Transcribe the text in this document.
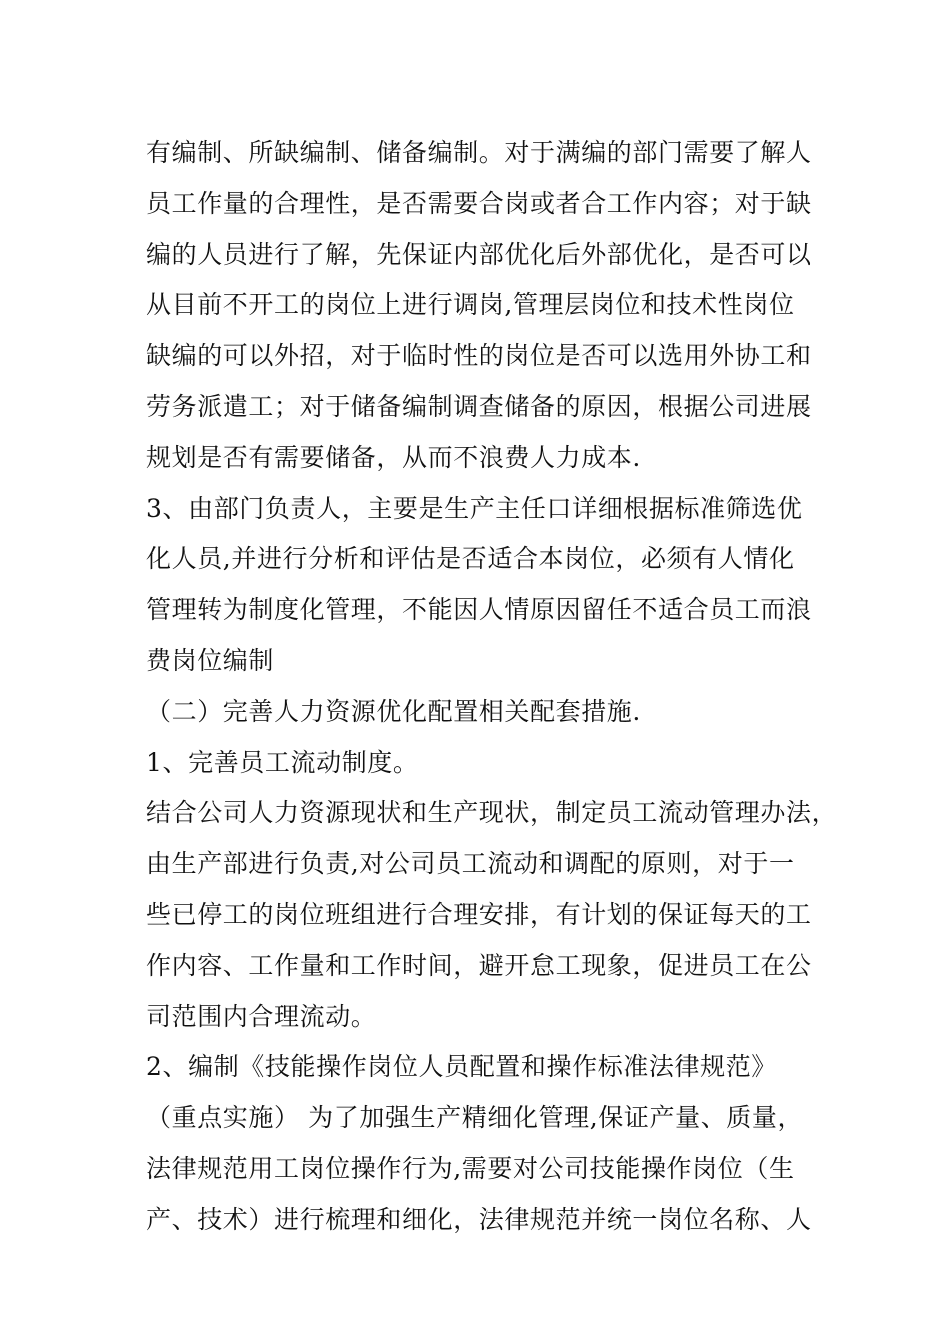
有编制、所缺编制、储备编制。对于满编的部门需要了解人
员工作量的合理性，是否需要合岗或者合工作内容；对于缺
编的人员进行了解，先保证内部优化后外部优化，是否可以
从目前不开工的岗位上进行调岗,管理层岗位和技术性岗位
缺编的可以外招，对于临时性的岗位是否可以选用外协工和
劳务派遣工；对于储备编制调查储备的原因，根据公司进展
规划是否有需要储备，从而不浪费人力成本.
3、由部门负责人，主要是生产主任口详细根据标准筛选优
化人员,并进行分析和评估是否适合本岗位，必须有人情化
管理转为制度化管理，不能因人情原因留任不适合员工而浪
费岗位编制
（二）完善人力资源优化配置相关配套措施.
1、完善员工流动制度。
结合公司人力资源现状和生产现状，制定员工流动管理办法，
由生产部进行负责,对公司员工流动和调配的原则，对于一
些已停工的岗位班组进行合理安排，有计划的保证每天的工
作内容、工作量和工作时间，避开怠工现象，促进员工在公
司范围内合理流动。
2、编制《技能操作岗位人员配置和操作标准法律规范》
（重点实施） 为了加强生产精细化管理,保证产量、质量，
法律规范用工岗位操作行为,需要对公司技能操作岗位（生
产、技术）进行梳理和细化，法律规范并统一岗位名称、人
